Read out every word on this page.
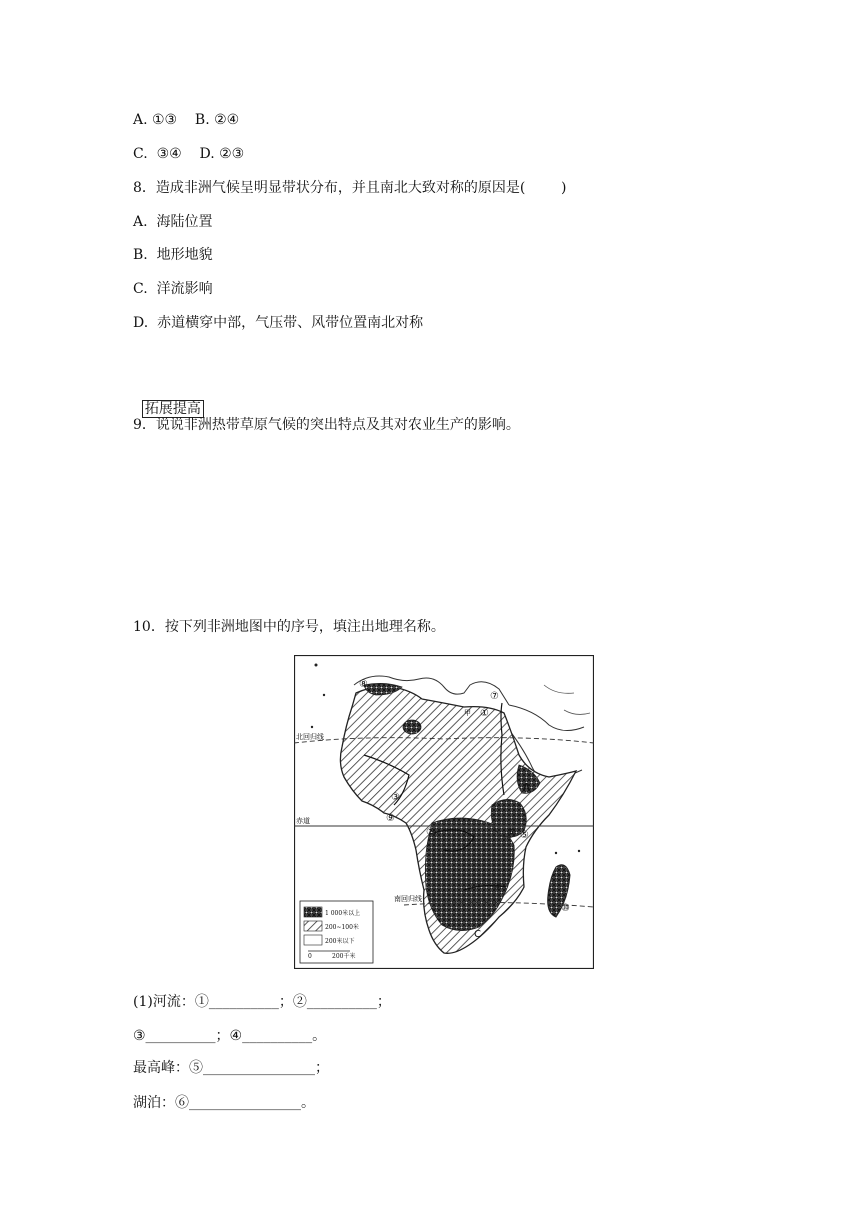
A. ①③    B. ②④
C.  ③④    D. ②③
8．造成非洲气候呈明显带状分布，并且南北大致对称的原因是(        )
A.  海陆位置
B.  地形地貌
C.  洋流影响
D.  赤道横穿中部，气压带、风带位置南北对称

拓展提高

9．说说非洲热带草原气候的突出特点及其对农业生产的影响。
10．按下列非洲地图中的序号，填注出地理名称。
北回归线
赤道
南回归线
甲 ①
②
③
④
⑤
⑥
⑦
⑧
⑨
⑩
A
C
1 000米以上
200~100米
200米以下
0	200千米
(1)河流：①__________；②__________；
③__________；④__________。
最高峰：⑤________________；
湖泊：⑥________________。
